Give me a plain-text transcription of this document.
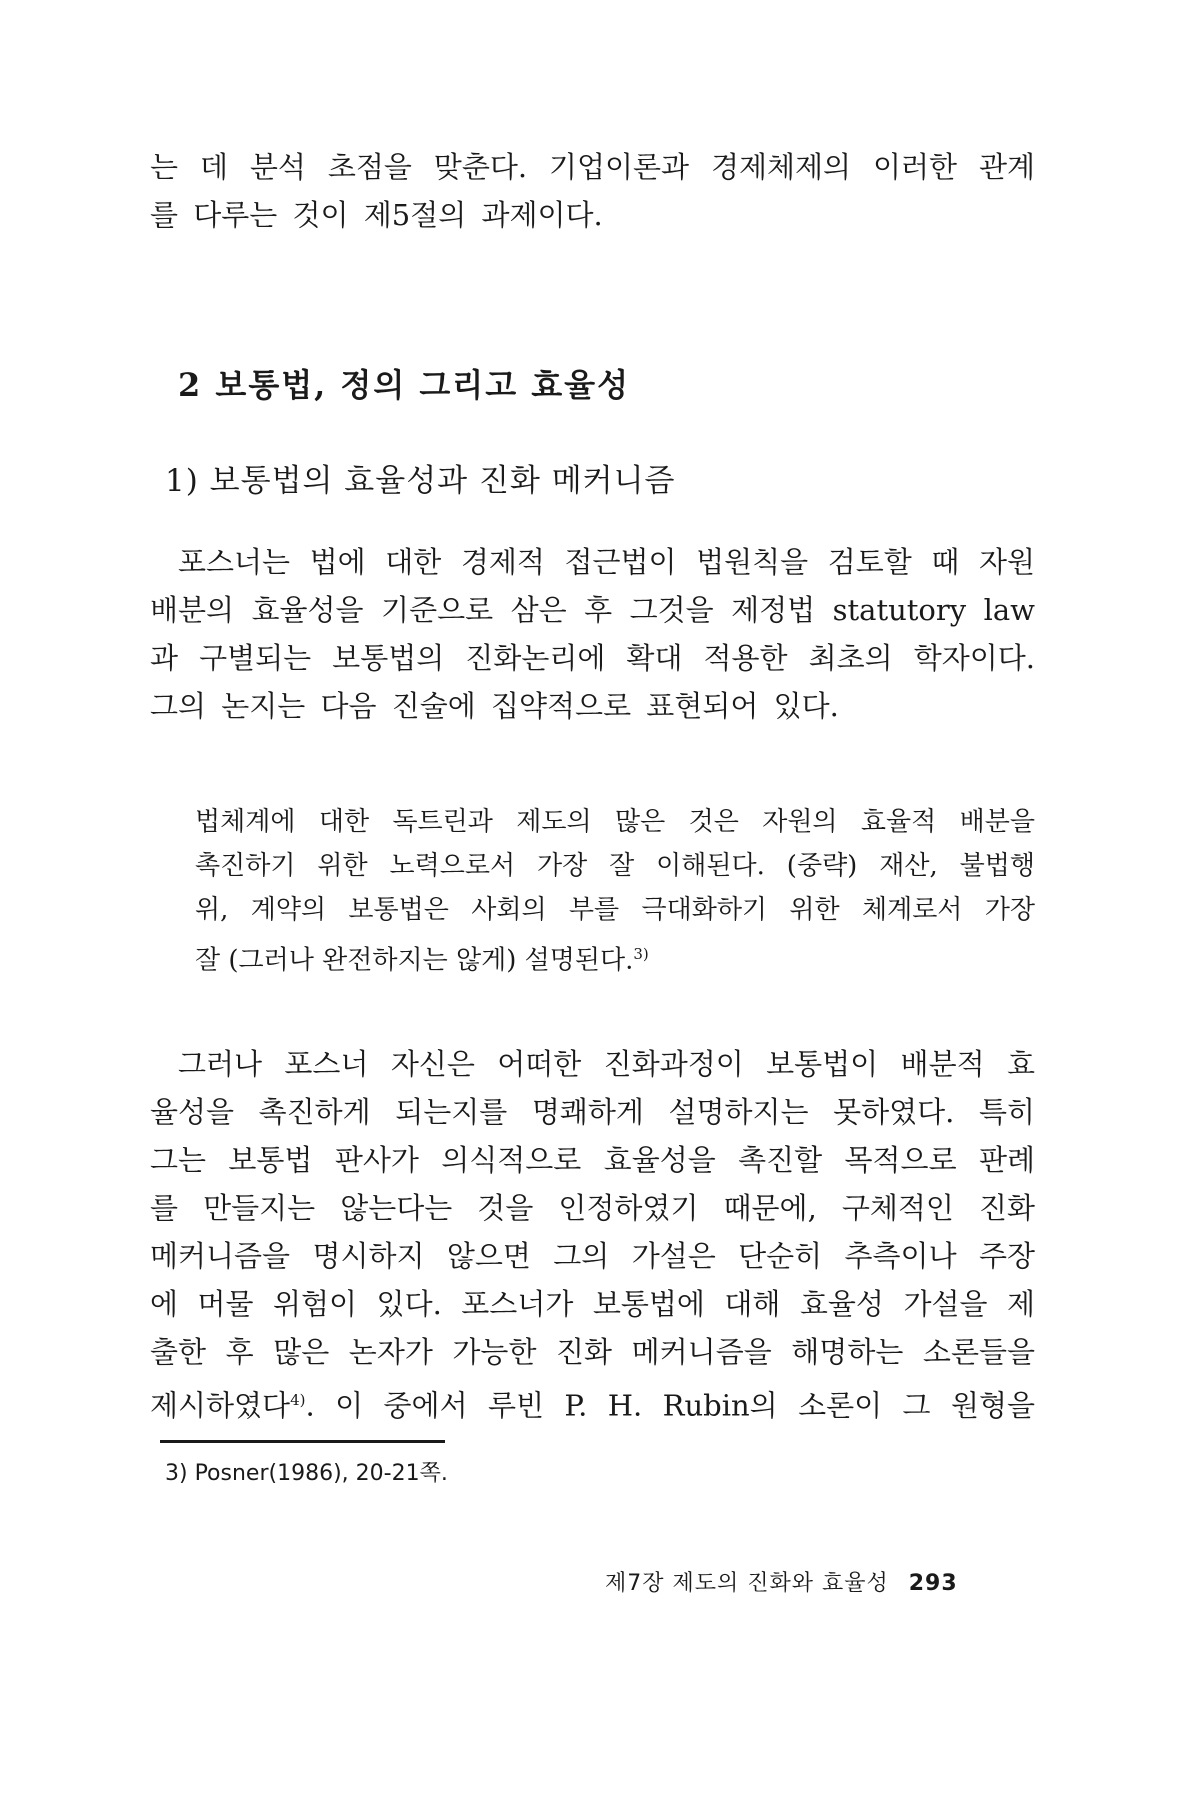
는 데 분석 초점을 맞춘다. 기업이론과 경제체제의 이러한 관계
를 다루는 것이 제5절의 과제이다.
2 보통법, 정의 그리고 효율성
1) 보통법의 효율성과 진화 메커니즘
포스너는 법에 대한 경제적 접근법이 법원칙을 검토할 때 자원
배분의 효율성을 기준으로 삼은 후 그것을 제정법 statutory law
과 구별되는 보통법의 진화논리에 확대 적용한 최초의 학자이다.
그의 논지는 다음 진술에 집약적으로 표현되어 있다.
법체계에 대한 독트린과 제도의 많은 것은 자원의 효율적 배분을
촉진하기 위한 노력으로서 가장 잘 이해된다. (중략) 재산, 불법행
위, 계약의 보통법은 사회의 부를 극대화하기 위한 체계로서 가장
잘 (그러나 완전하지는 않게) 설명된다.$^{3)}$
그러나 포스너 자신은 어떠한 진화과정이 보통법이 배분적 효
율성을 촉진하게 되는지를 명쾌하게 설명하지는 못하였다. 특히
그는 보통법 판사가 의식적으로 효율성을 촉진할 목적으로 판례
를 만들지는 않는다는 것을 인정하였기 때문에, 구체적인 진화
메커니즘을 명시하지 않으면 그의 가설은 단순히 추측이나 주장
에 머물 위험이 있다. 포스너가 보통법에 대해 효율성 가설을 제
출한 후 많은 논자가 가능한 진화 메커니즘을 해명하는 소론들을
제시하였다$^{4)}$. 이 중에서 루빈 P. H. Rubin의 소론이 그 원형을
3) Posner(1986), 20-21쪽.
제7장 제도의 진화와 효율성 293
